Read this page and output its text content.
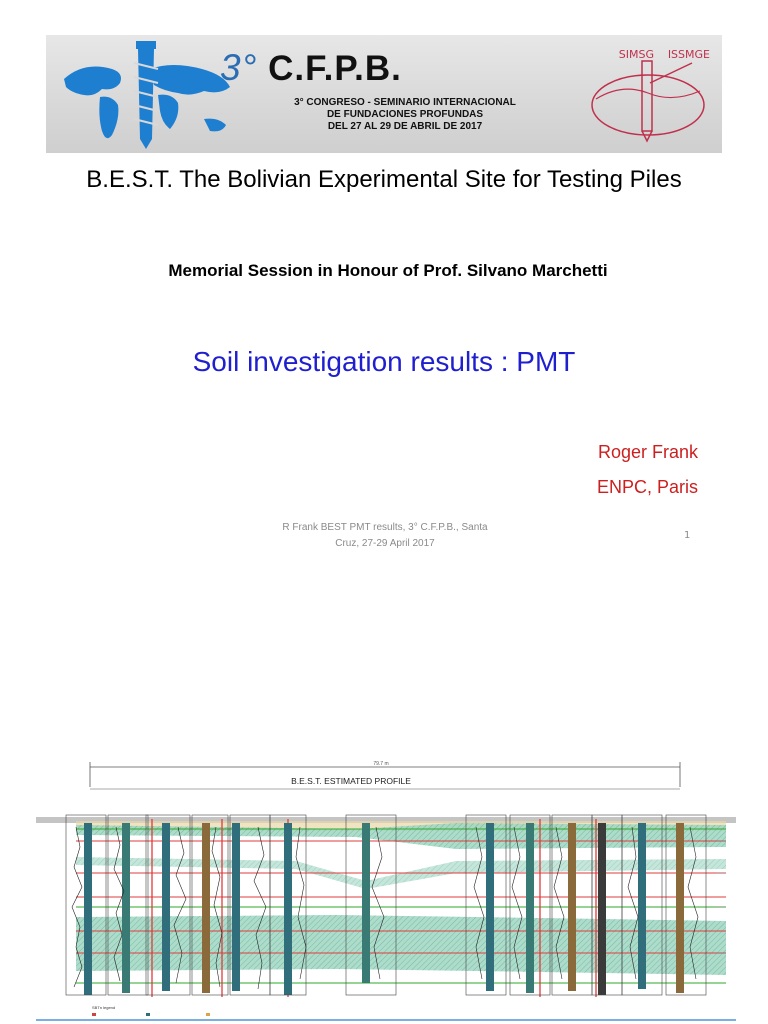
3° C.F.P.B.
3° CONGRESO - SEMINARIO INTERNACIONAL
DE FUNDACIONES PROFUNDAS
DEL 27 AL 29 DE ABRIL DE 2017
SIMSG ISSMGE
B.E.S.T. The Bolivian Experimental Site for Testing Piles
Memorial Session in Honour of Prof. Silvano Marchetti
Soil investigation results : PMT
Roger Frank
ENPC, Paris
R Frank BEST PMT results, 3° C.F.P.B., Santa
Cruz, 27-29 April 2017
1
79.7 m
B.E.S.T. ESTIMATED PROFILE
SBTn legend
